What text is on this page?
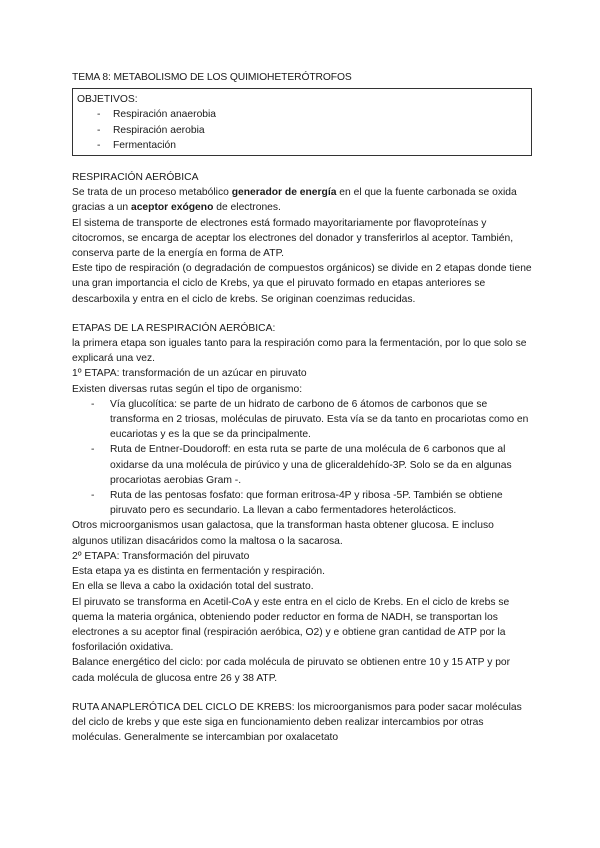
TEMA 8: METABOLISMO DE LOS QUIMIOHETERÓTROFOS
OBJETIVOS:
- Respiración anaerobia
- Respiración aerobia
- Fermentación
RESPIRACIÓN AERÓBICA

Se trata de un proceso metabólico generador de energía en el que la fuente carbonada se oxida gracias a un aceptor exógeno de electrones.

El sistema de transporte de electrones está formado mayoritariamente por flavoproteínas y citocromos, se encarga de aceptar los electrones del donador y transferirlos al aceptor. También, conserva parte de la energía en forma de ATP.

Este tipo de respiración (o degradación de compuestos orgánicos) se divide en 2 etapas donde tiene una gran importancia el ciclo de Krebs, ya que el piruvato formado en etapas anteriores se descarboxila y entra en el ciclo de krebs. Se originan coenzimas reducidas.

ETAPAS DE LA RESPIRACIÓN AERÓBICA:

la primera etapa son iguales tanto para la respiración como para la fermentación, por lo que solo se explicará una vez.

1º ETAPA: transformación de un azúcar en piruvato

Existen diversas rutas según el tipo de organismo:

- Vía glucolítica: se parte de un hidrato de carbono de 6 átomos de carbonos que se transforma en 2 triosas, moléculas de piruvato. Esta vía se da tanto en procariotas como en eucariotas y es la que se da principalmente.
- Ruta de Entner-Doudoroff: en esta ruta se parte de una molécula de 6 carbonos que al oxidarse da una molécula de pirúvico y una de gliceraldehído-3P. Solo se da en algunas procariotas aerobias Gram -.
- Ruta de las pentosas fosfato: que forman eritrosa-4P y ribosa -5P. También se obtiene piruvato pero es secundario. La llevan a cabo fermentadores heterolácticos.

Otros microorganismos usan galactosa, que la transforman hasta obtener glucosa. E incluso algunos utilizan disacáridos como la maltosa o la sacarosa.

2º ETAPA: Transformación del piruvato

Esta etapa ya es distinta en fermentación y respiración.

En ella se lleva a cabo la oxidación total del sustrato.

El piruvato se transforma en Acetil-CoA y este entra en el ciclo de Krebs. En el ciclo de krebs se quema la materia orgánica, obteniendo poder reductor en forma de NADH, se transportan los electrones a su aceptor final (respiración aeróbica, O2) y e obtiene gran cantidad de ATP por la fosforilación oxidativa.

Balance energético del ciclo: por cada molécula de piruvato se obtienen entre 10 y 15 ATP y por cada molécula de glucosa entre 26 y 38 ATP.

RUTA ANAPLERÓTICA DEL CICLO DE KREBS: los microorganismos para poder sacar moléculas del ciclo de krebs y que este siga en funcionamiento deben realizar intercambios por otras moléculas. Generalmente se intercambian por oxalacetato
